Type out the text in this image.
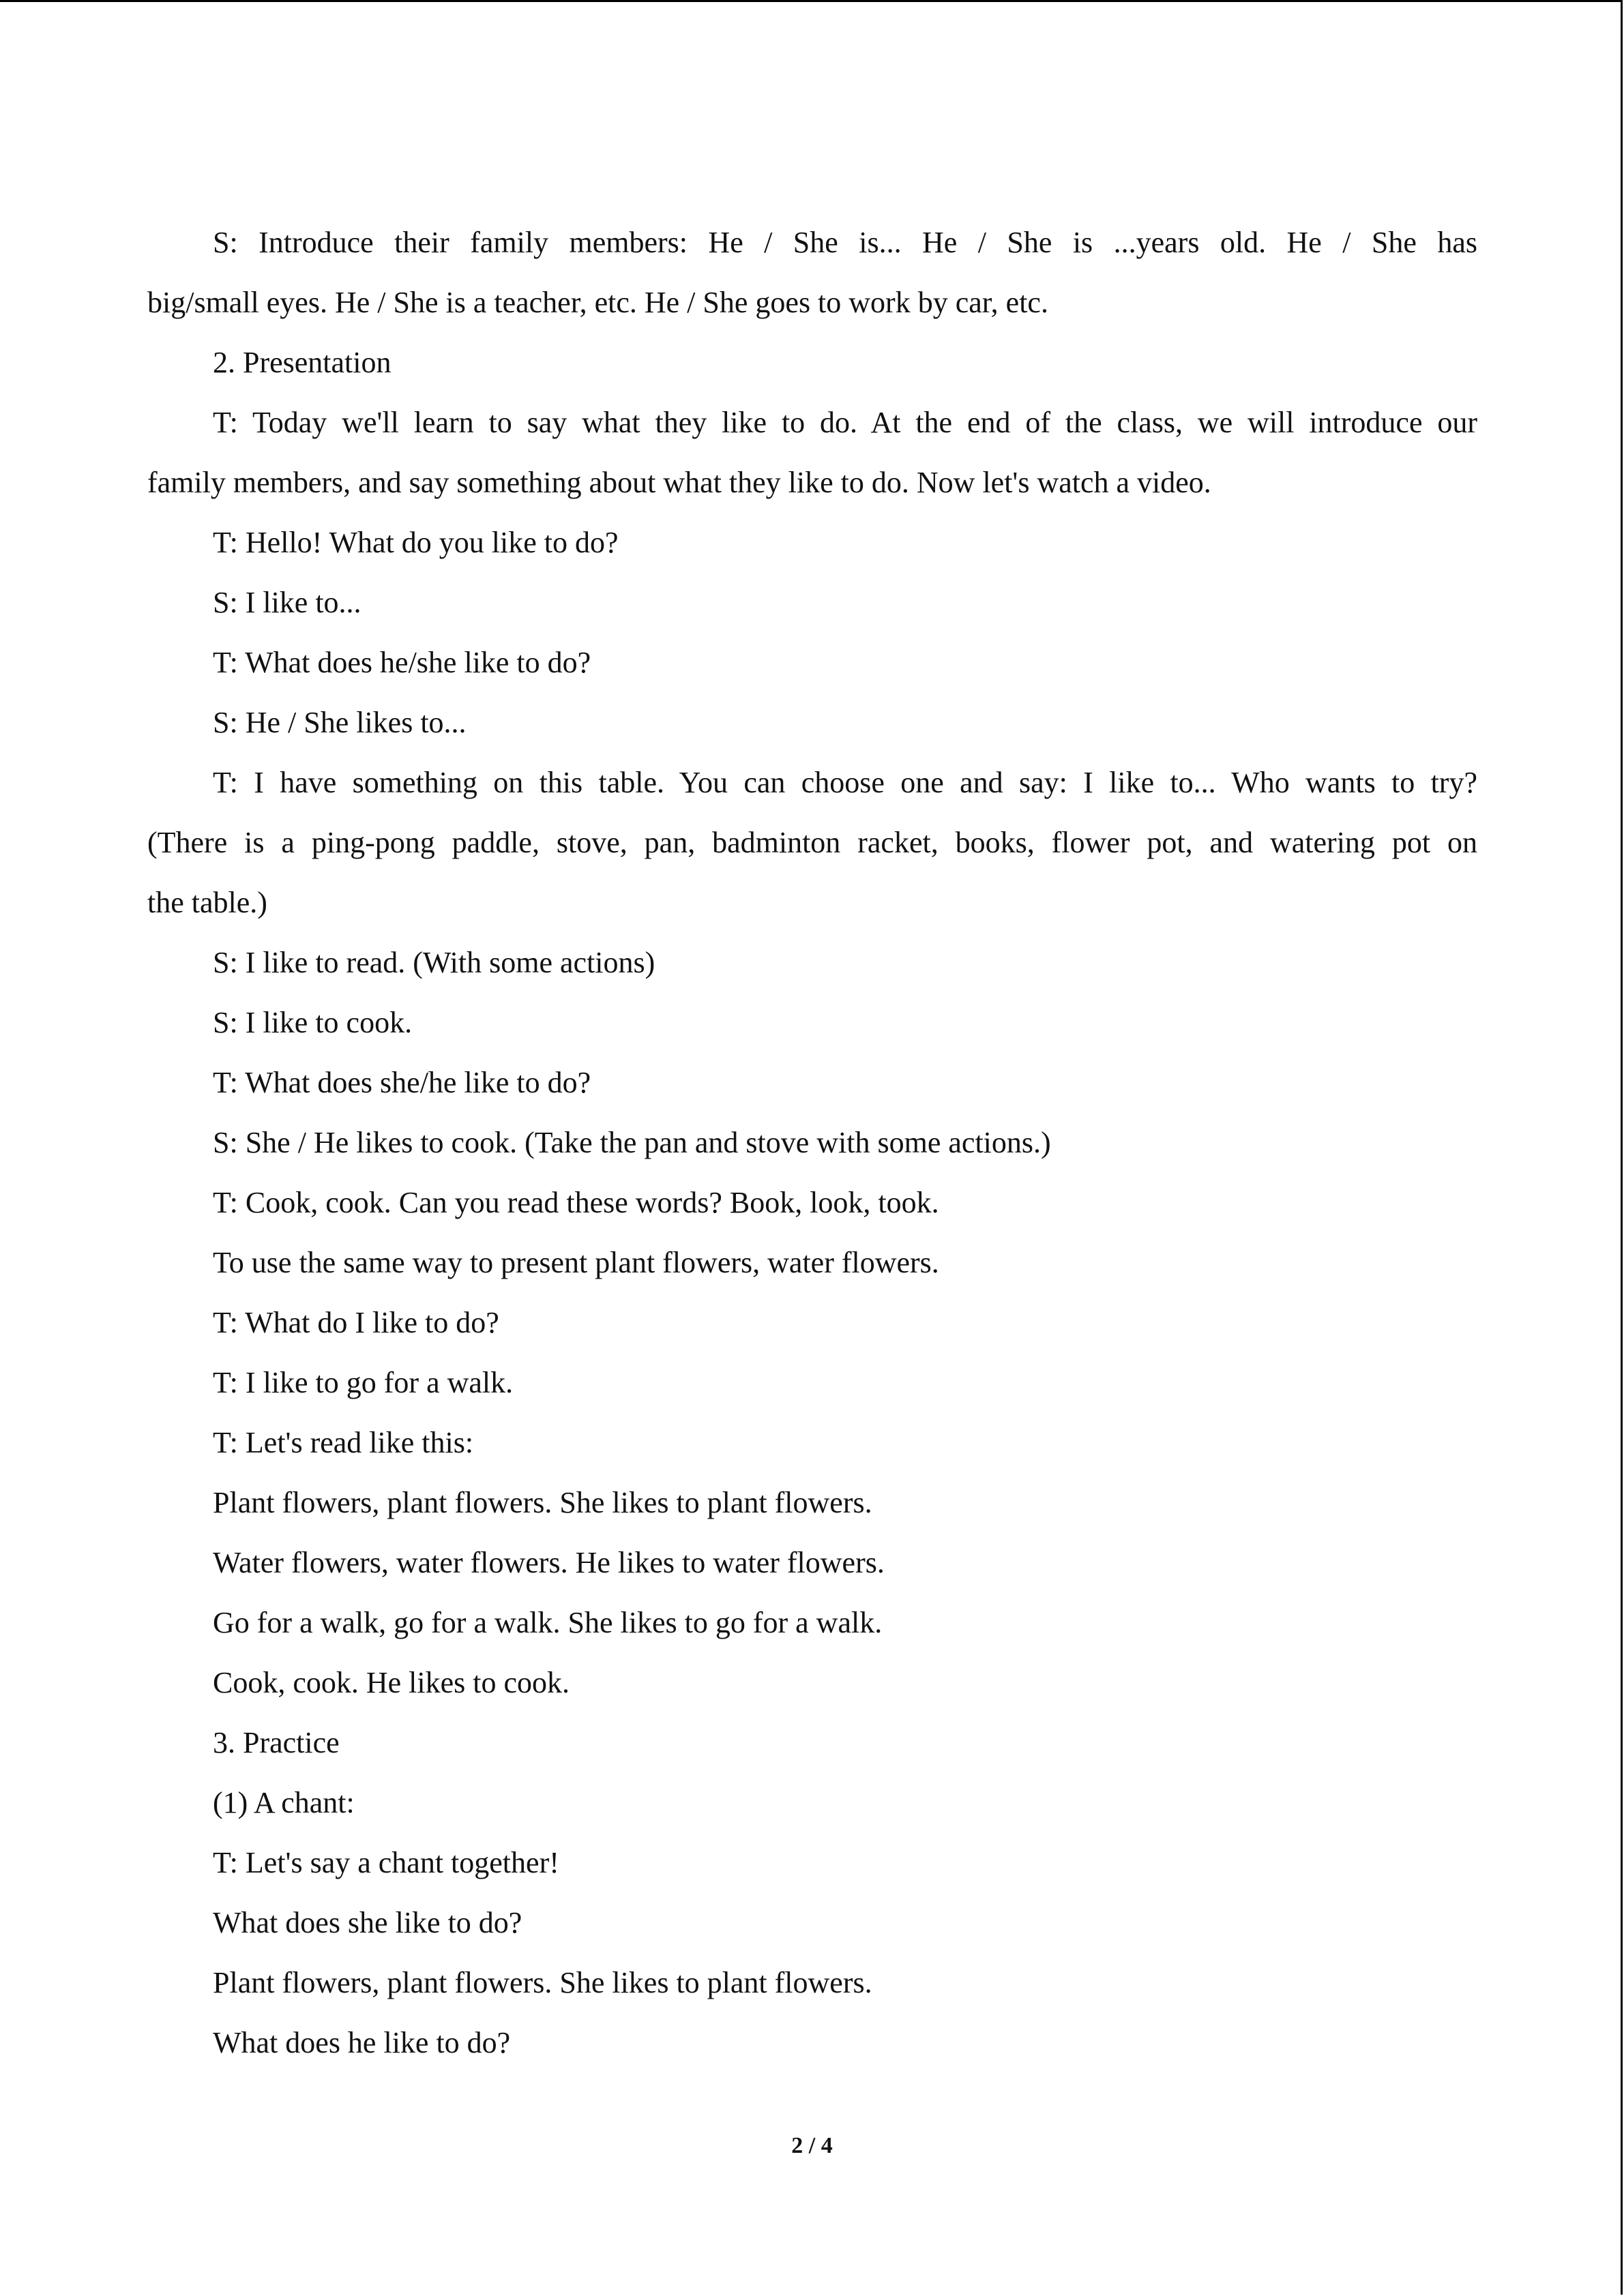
S: Introduce their family members: He / She is... He / She is ...years old. He / She has

big/small eyes. He / She is a teacher, etc. He / She goes to work by car, etc.

2. Presentation

T: Today we'll learn to say what they like to do. At the end of the class, we will introduce our

family members, and say something about what they like to do. Now let's watch a video.

T: Hello! What do you like to do?

S: I like to...

T: What does he/she like to do?

S: He / She likes to...

T: I have something on this table. You can choose one and say: I like to... Who wants to try?

(There is a ping-pong paddle, stove, pan, badminton racket, books, flower pot, and watering pot on

the table.)

S: I like to read. (With some actions)

S: I like to cook.

T: What does she/he like to do?

S: She / He likes to cook. (Take the pan and stove with some actions.)

T: Cook, cook. Can you read these words? Book, look, took.

To use the same way to present plant flowers, water flowers.

T: What do I like to do?

T: I like to go for a walk.

T: Let's read like this:

Plant flowers, plant flowers. She likes to plant flowers.

Water flowers, water flowers. He likes to water flowers.

Go for a walk, go for a walk. She likes to go for a walk.

Cook, cook. He likes to cook.

3. Practice

(1) A chant:

T: Let's say a chant together!

What does she like to do?

Plant flowers, plant flowers. She likes to plant flowers.

What does he like to do?

2 / 4
